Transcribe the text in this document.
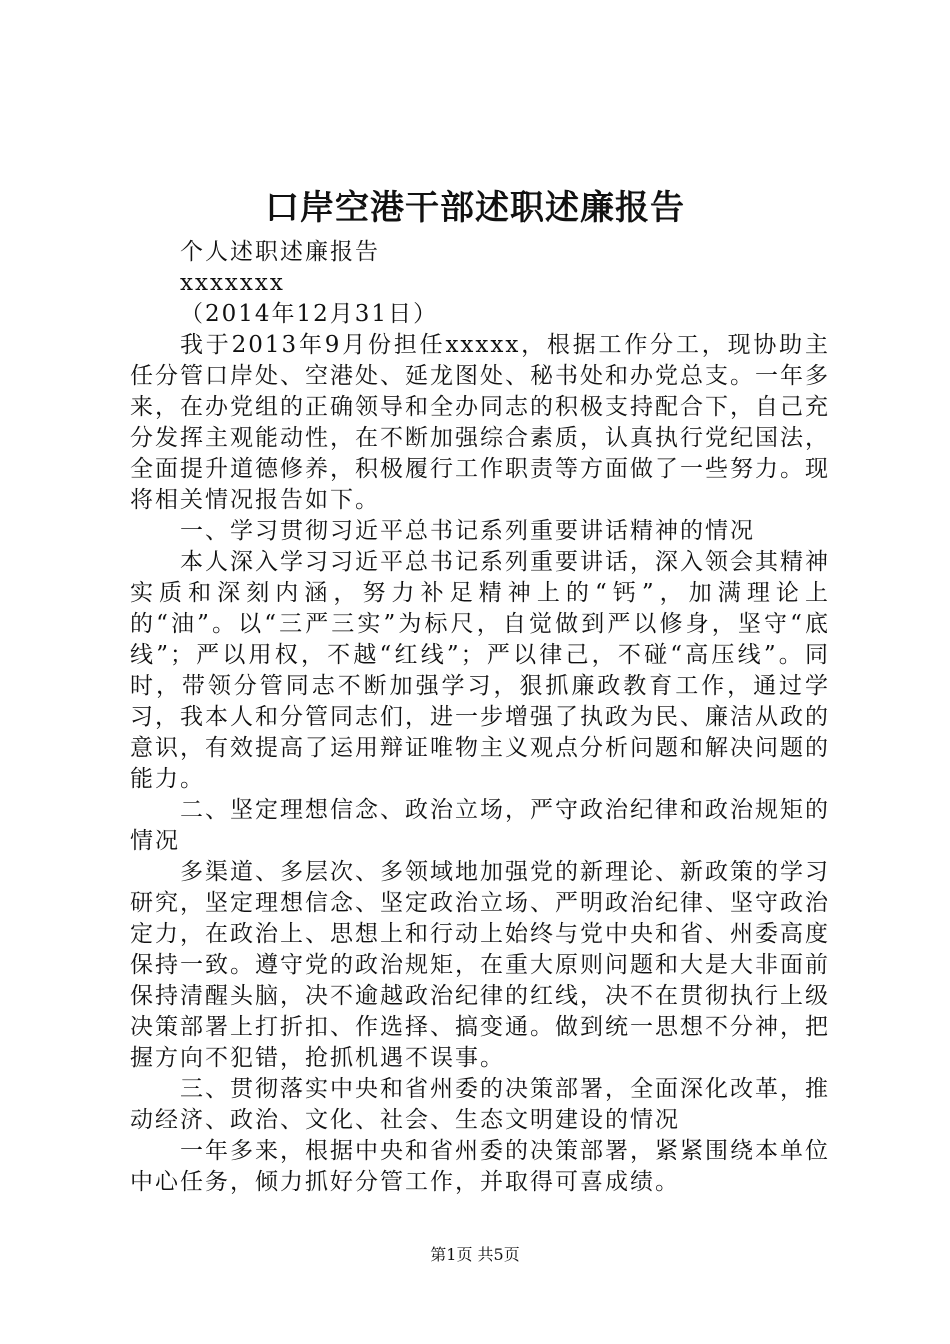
口岸空港干部述职述廉报告

个人述职述廉报告

xxxxxxx

（2014年12月31日）

我于2013年9月份担任xxxxx，根据工作分工，现协助主任分管口岸处、空港处、延龙图处、秘书处和办党总支。一年多来，在办党组的正确领导和全办同志的积极支持配合下，自己充分发挥主观能动性，在不断加强综合素质，认真执行党纪国法，全面提升道德修养，积极履行工作职责等方面做了一些努力。现将相关情况报告如下。

一、学习贯彻习近平总书记系列重要讲话精神的情况

本人深入学习习近平总书记系列重要讲话，深入领会其精神实质和深刻内涵，努力补足精神上的“钙”，加满理论上的“油”。以“三严三实”为标尺，自觉做到严以修身，坚守“底线”；严以用权，不越“红线”；严以律己，不碰“高压线”。同时，带领分管同志不断加强学习，狠抓廉政教育工作，通过学习，我本人和分管同志们，进一步增强了执政为民、廉洁从政的意识，有效提高了运用辩证唯物主义观点分析问题和解决问题的能力。

二、坚定理想信念、政治立场，严守政治纪律和政治规矩的情况

多渠道、多层次、多领域地加强党的新理论、新政策的学习研究，坚定理想信念、坚定政治立场、严明政治纪律、坚守政治定力，在政治上、思想上和行动上始终与党中央和省、州委高度保持一致。遵守党的政治规矩，在重大原则问题和大是大非面前保持清醒头脑，决不逾越政治纪律的红线，决不在贯彻执行上级决策部署上打折扣、作选择、搞变通。做到统一思想不分神，把握方向不犯错，抢抓机遇不误事。

三、贯彻落实中央和省州委的决策部署，全面深化改革，推动经济、政治、文化、社会、生态文明建设的情况

一年多来，根据中央和省州委的决策部署，紧紧围绕本单位中心任务，倾力抓好分管工作，并取得可喜成绩。

第1页 共5页
